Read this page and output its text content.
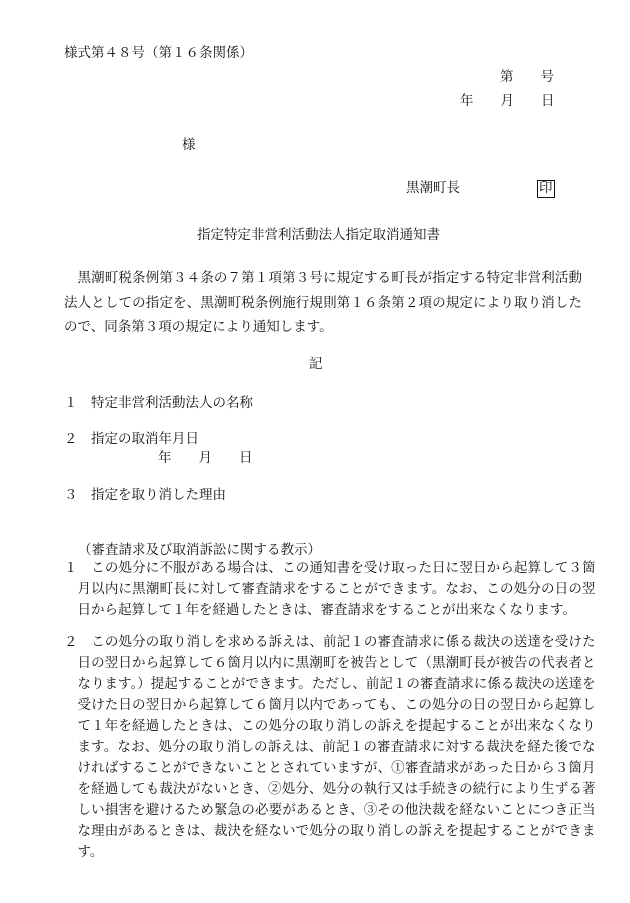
様式第４８号（第１６条関係）
第　　号
年　　月　　日
様
黒潮町長	印
指定特定非営利活動法人指定取消通知書
黒潮町税条例第３４条の７第１項第３号に規定する町長が指定する特定非営利活動法人としての指定を、黒潮町税条例施行規則第１６条第２項の規定により取り消したので、同条第３項の規定により通知します。
記
１　特定非営利活動法人の名称
２　指定の取消年月日
年　　月　　日
３　指定を取り消した理由
（審査請求及び取消訴訟に関する教示）
１　この処分に不服がある場合は、この通知書を受け取った日に翌日から起算して３箇月以内に黒潮町長に対して審査請求をすることができます。なお、この処分の日の翌日から起算して１年を経過したときは、審査請求をすることが出来なくなります。
２　この処分の取り消しを求める訴えは、前記１の審査請求に係る裁決の送達を受けた日の翌日から起算して６箇月以内に黒潮町を被告として（黒潮町長が被告の代表者となります。）提起することができます。ただし、前記１の審査請求に係る裁決の送達を受けた日の翌日から起算して６箇月以内であっても、この処分の日の翌日から起算して１年を経過したときは、この処分の取り消しの訴えを提起することが出来なくなります。なお、処分の取り消しの訴えは、前記１の審査請求に対する裁決を経た後でなければすることができないこととされていますが、①審査請求があった日から３箇月を経過しても裁決がないとき、②処分、処分の執行又は手続きの続行により生ずる著しい損害を避けるため緊急の必要があるとき、③その他決裁を経ないことにつき正当な理由があるときは、裁決を経ないで処分の取り消しの訴えを提起することができます。
